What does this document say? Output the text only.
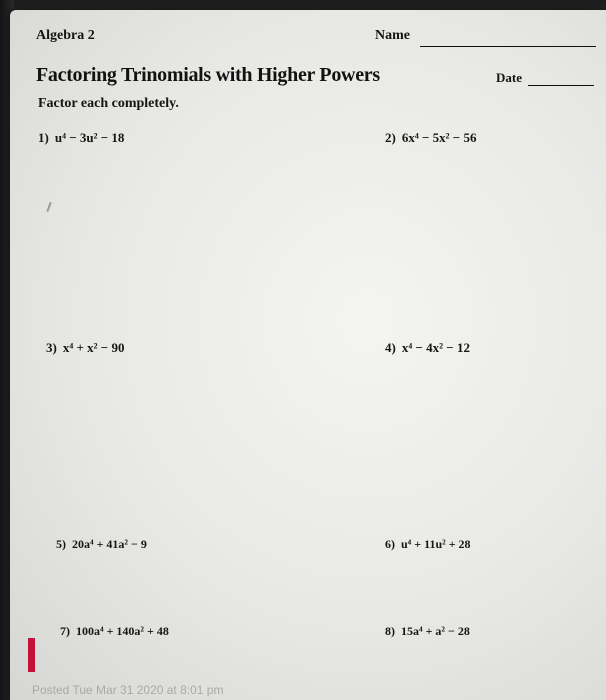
Algebra 2	Name
Factoring Trinomials with Higher Powers	Date
Factor each completely.
1) u⁴ − 3u² − 18	2) 6x⁴ − 5x² − 56
3) x⁴ + x² − 90	4) x⁴ − 4x² − 12
5) 20a⁴ + 41a² − 9	6) u⁴ + 11u² + 28
7) 100a⁴ + 140a² + 48	8) 15a⁴ + a² − 28
Posted Tue Mar 31 2020 at 8:01 pm
